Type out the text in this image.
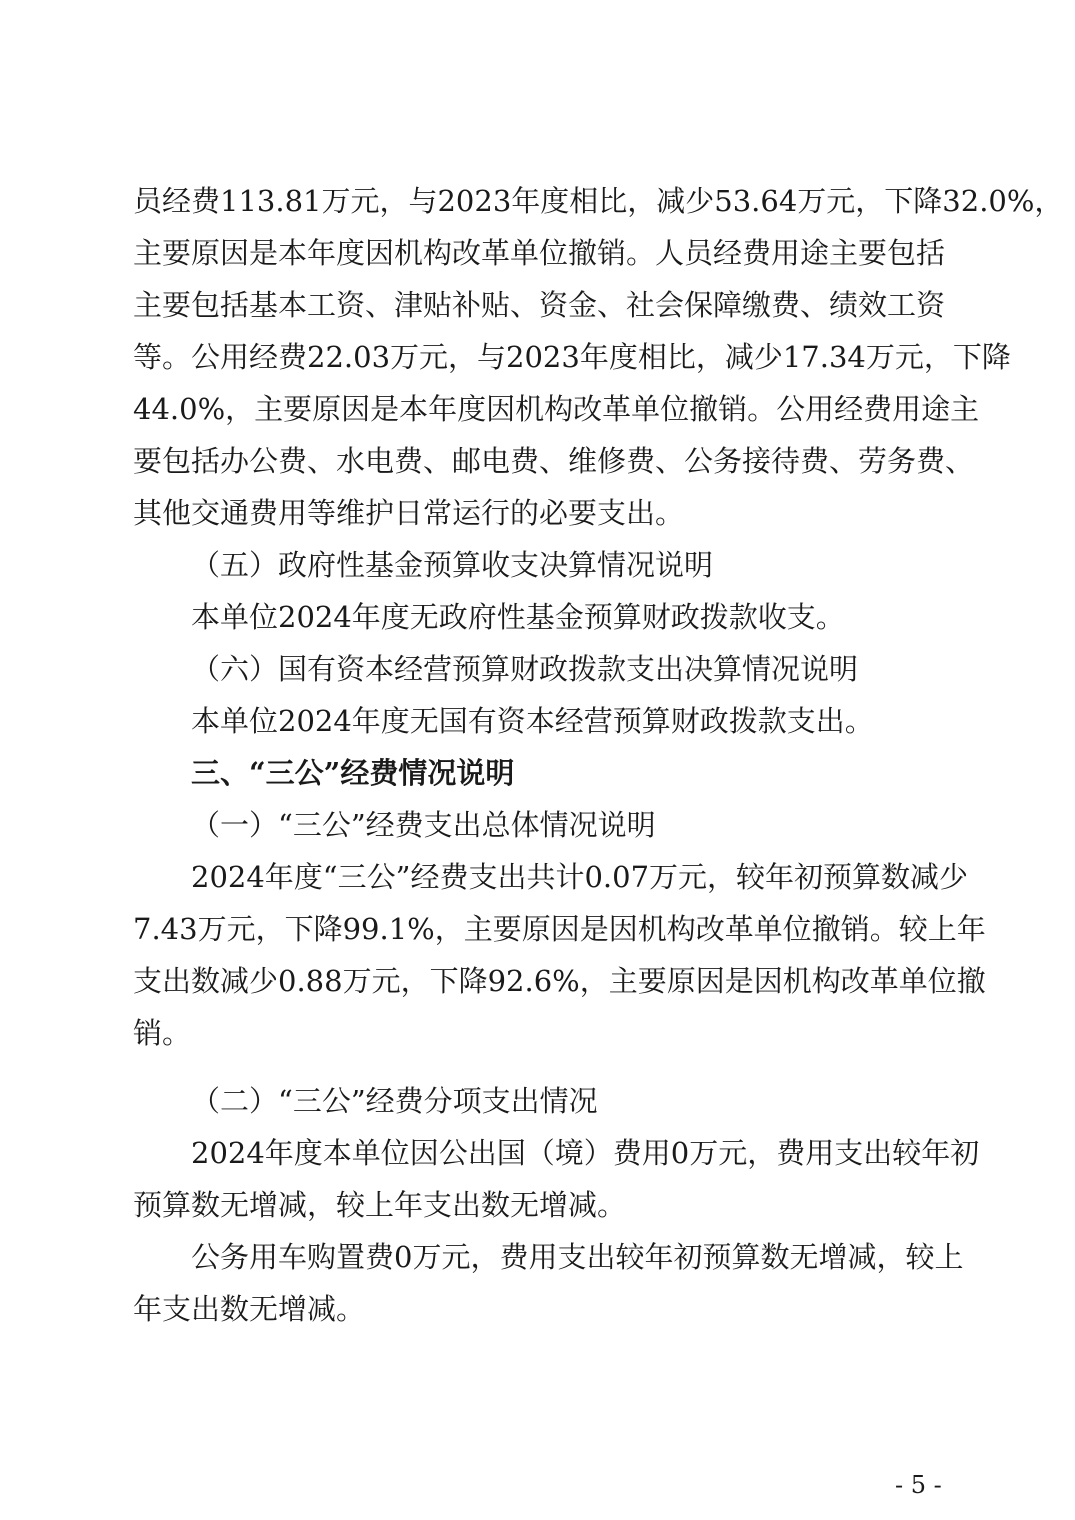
员经费113.81万元，与2023年度相比，减少53.64万元，下降32.0%，
主要原因是本年度因机构改革单位撤销。人员经费用途主要包括
主要包括基本工资、津贴补贴、资金、社会保障缴费、绩效工资
等。公用经费22.03万元，与2023年度相比，减少17.34万元，下降
44.0%，主要原因是本年度因机构改革单位撤销。公用经费用途主
要包括办公费、水电费、邮电费、维修费、公务接待费、劳务费、
其他交通费用等维护日常运行的必要支出。
（五）政府性基金预算收支决算情况说明
本单位2024年度无政府性基金预算财政拨款收支。
（六）国有资本经营预算财政拨款支出决算情况说明
本单位2024年度无国有资本经营预算财政拨款支出。
三、“三公”经费情况说明
（一）“三公”经费支出总体情况说明
2024年度“三公”经费支出共计0.07万元，较年初预算数减少
7.43万元，下降99.1%，主要原因是因机构改革单位撤销。较上年
支出数减少0.88万元，下降92.6%，主要原因是因机构改革单位撤
销。
（二）“三公”经费分项支出情况
2024年度本单位因公出国（境）费用0万元，费用支出较年初
预算数无增减，较上年支出数无增减。
公务用车购置费0万元，费用支出较年初预算数无增减，较上
年支出数无增减。
- 5 -
